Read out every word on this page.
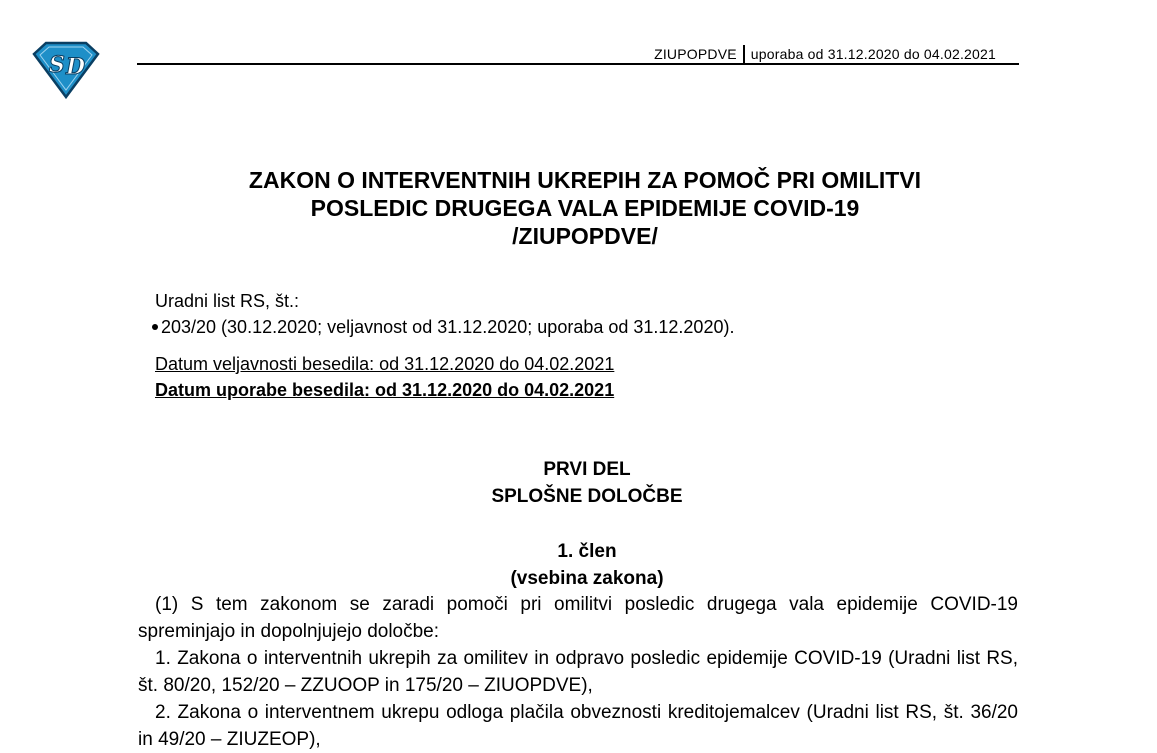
S D	ZIUPOPDVE uporaba od 31.12.2020 do 04.02.2021
ZAKON O INTERVENTNIH UKREPIH ZA POMOČ PRI OMILITVI
POSLEDIC DRUGEGA VALA EPIDEMIJE COVID-19
/ZIUPOPDVE/
Uradni list RS, št.:
203/20 (30.12.2020; veljavnost od 31.12.2020; uporaba od 31.12.2020).
Datum veljavnosti besedila: od 31.12.2020 do 04.02.2021
Datum uporabe besedila: od 31.12.2020 do 04.02.2021
PRVI DEL
SPLOŠNE DOLOČBE
1. člen
(vsebina zakona)

(1) S tem zakonom se zaradi pomoči pri omilitvi posledic drugega vala epidemije COVID-19 spreminjajo in dopolnjujejo določbe:

1. Zakona o interventnih ukrepih za omilitev in odpravo posledic epidemije COVID-19 (Uradni list RS, št. 80/20, 152/20 – ZZUOOP in 175/20 – ZIUOPDVE),

2. Zakona o interventnem ukrepu odloga plačila obveznosti kreditojemalcev (Uradni list RS, št. 36/20 in 49/20 – ZIUZEOP),
